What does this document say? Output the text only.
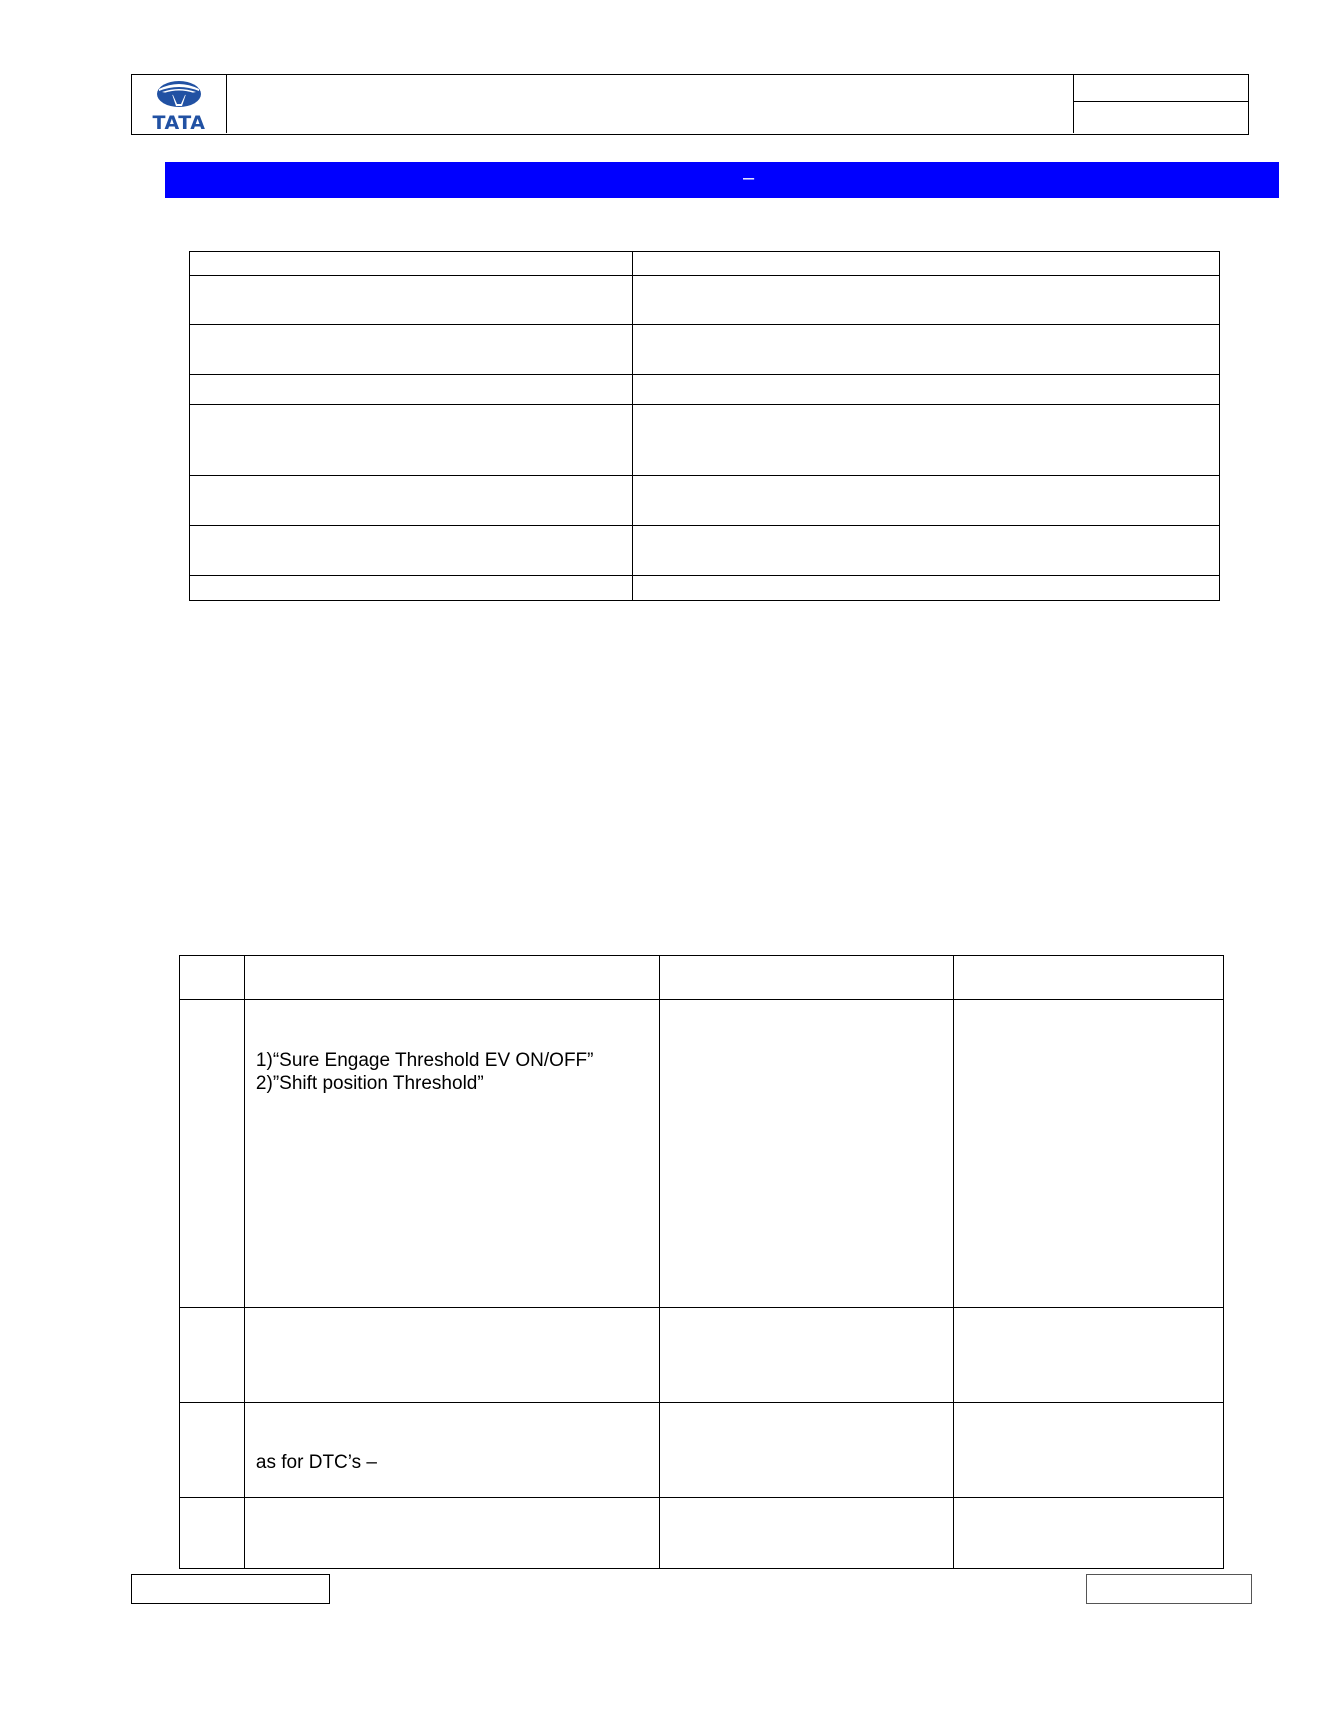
TATA
–

	1)“Sure Engage Threshold EV ON/OFF”
2)”Shift position Threshold”		

	as for DTC’s –		
